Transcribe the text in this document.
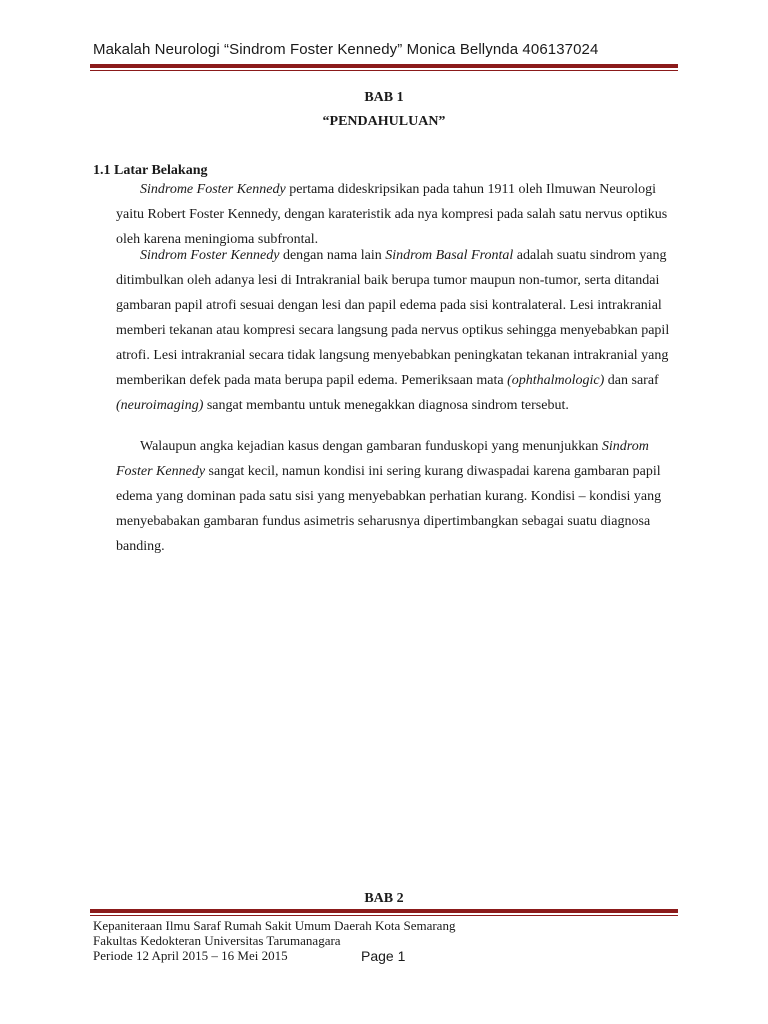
Makalah Neurologi “Sindrom Foster Kennedy” Monica Bellynda 406137024
BAB 1
“PENDAHULUAN”
1.1 Latar Belakang

Sindrome Foster Kennedy pertama dideskripsikan pada tahun 1911 oleh Ilmuwan Neurologi yaitu Robert Foster Kennedy, dengan karateristik ada nya kompresi pada salah satu nervus optikus oleh karena meningioma subfrontal.

Sindrom Foster Kennedy dengan nama lain Sindrom Basal Frontal adalah suatu sindrom yang ditimbulkan oleh adanya lesi di Intrakranial baik berupa tumor maupun non-tumor, serta ditandai gambaran papil atrofi sesuai dengan lesi dan papil edema pada sisi kontralateral. Lesi intrakranial memberi tekanan atau kompresi secara langsung pada nervus optikus sehingga menyebabkan papil atrofi. Lesi intrakranial secara tidak langsung menyebabkan peningkatan tekanan intrakranial yang memberikan defek pada mata berupa papil edema. Pemeriksaan mata (ophthalmologic) dan saraf (neuroimaging) sangat membantu untuk menegakkan diagnosa sindrom tersebut.

Walaupun angka kejadian kasus dengan gambaran funduskopi yang menunjukkan Sindrom Foster Kennedy sangat kecil, namun kondisi ini sering kurang diwaspadai karena gambaran papil edema yang dominan pada satu sisi yang menyebabkan perhatian kurang. Kondisi – kondisi yang menyebabakan gambaran fundus asimetris seharusnya dipertimbangkan sebagai suatu diagnosa banding.

BAB 2
Kepaniteraan Ilmu Saraf Rumah Sakit Umum Daerah Kota Semarang
Fakultas Kedokteran Universitas Tarumanagara
Periode 12 April 2015 – 16 Mei 2015	Page 1
